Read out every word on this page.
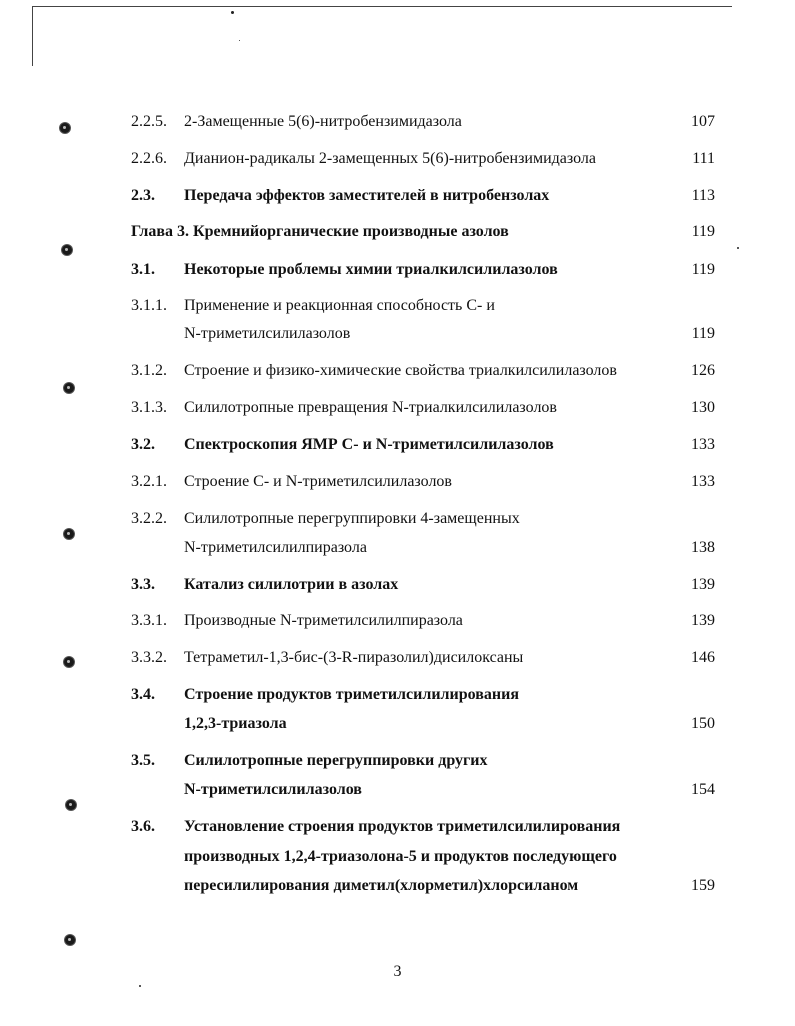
2.2.5. 2-Замещенные 5(6)-нитробензимидазола	107
2.2.6. Дианион-радикалы 2-замещенных 5(6)-нитробензимидазола	111
2.3. Передача эффектов заместителей в нитробензолах	113
Глава 3. Кремнийорганические производные азолов	119
3.1. Некоторые проблемы химии триалкилсилилазолов	119
3.1.1. Применение и реакционная способность С- и
N-триметилсилилазолов	119
3.1.2. Строение и физико-химические свойства триалкилсилилазолов	126
3.1.3. Силилотропные превращения N-триалкилсилилазолов	130
3.2. Спектроскопия ЯМР С- и N-триметилсилилазолов	133
3.2.1. Строение С- и N-триметилсилилазолов	133
3.2.2. Силилотропные перегруппировки 4-замещенных
N-триметилсилилпиразола	138
3.3. Катализ силилотрии в азолах	139
3.3.1. Производные N-триметилсилилпиразола	139
3.3.2. Тетраметил-1,3-бис-(3-R-пиразолил)дисилоксаны	146
3.4. Строение продуктов триметилсилилирования
1,2,3-триазола	150
3.5. Силилотропные перегруппировки других
N-триметилсилилазолов	154
3.6. Установление строения продуктов триметилсилилирования
производных 1,2,4-триазолона-5 и продуктов последующего
пересилилирования диметил(хлорметил)хлорсиланом	159
3
